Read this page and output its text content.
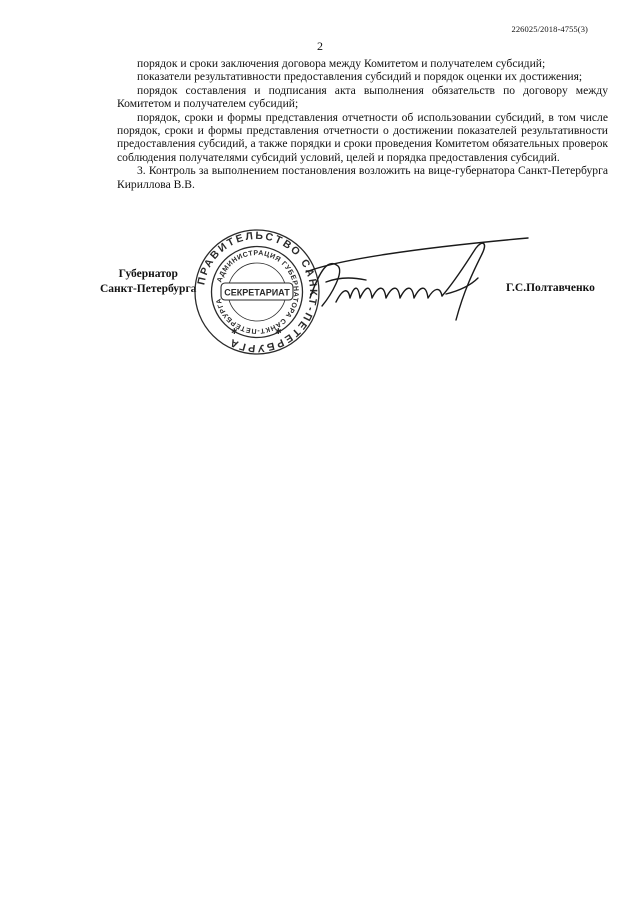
226025/2018-4755(3)
2

порядок и сроки заключения договора между Комитетом и получателем субсидий;

показатели результативности предоставления субсидий и порядок оценки их достижения;

порядок составления и подписания акта выполнения обязательств по договору между Комитетом и получателем субсидий;

порядок, сроки и формы представления отчетности об использовании субсидий, в том числе порядок, сроки и формы представления отчетности о достижении показателей результативности предоставления субсидий, а также порядки и сроки проведения Комитетом обязательных проверок соблюдения получателями субсидий условий, целей и порядка предоставления субсидий.

3. Контроль за выполнением постановления возложить на вице-губернатора Санкт-Петербурга Кириллова В.В.

Губернатор
Санкт-Петербурга
ПРАВИТЕЛЬСТВО САНКТ-ПЕТЕРБУРГА
АДМИНИСТРАЦИЯ ГУБЕРНАТОРА САНКТ-ПЕТЕРБУРГА
СЕКРЕТАРИАТ
✱	✱
Г.С.Полтавченко
